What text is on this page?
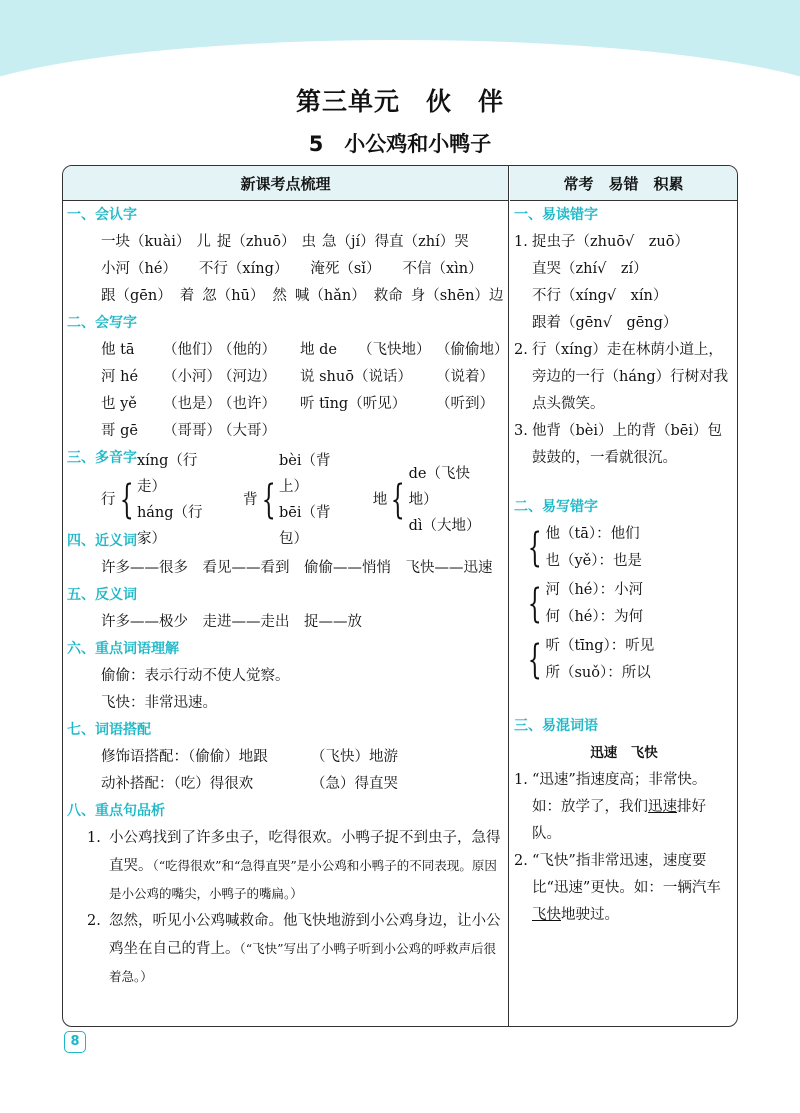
第三单元　伙　伴
5　小公鸡和小鸭子
新课考点梳理	常考　易错　积累
一、会认字
一块（kuài） 儿 捉（zhuō） 虫 急（jí）得直（zhí）哭
小河（hé） 不行（xíng） 淹死（sǐ） 不信（xìn）
跟（gēn） 着 忽（hū） 然 喊（hǎn） 救命 身（shēn）边
二、会写字
他 tā （他们）（他的） 地 de （飞快地） （偷偷地）
河 hé （小河）（河边） 说 shuō（说话） （说着）
也 yě （也是）（也许） 听 tīng（听见） （听到）
哥 gē （哥哥）（大哥）
三、多音字
行 {
xíng（行走）
háng（行家）
背 {
bèi（背上）
bēi（背包）
地 {
de（飞快地）
dì（大地）
四、近义词
许多——很多　看见——看到　偷偷——悄悄　飞快——迅速
五、反义词
许多——极少　走进——走出　捉——放
六、重点词语理解
偷偷：表示行动不使人觉察。
飞快：非常迅速。
七、词语搭配
修饰语搭配：（偷偷）地跟	（飞快）地游
动补搭配：（吃）得很欢	（急）得直哭
八、重点句品析
1. 小公鸡找到了许多虫子，吃得很欢。小鸭子捉不到虫子，急得直哭。（“吃得很欢”和“急得直哭”是小公鸡和小鸭子的不同表现。原因是小公鸡的嘴尖，小鸭子的嘴扁。）
2. 忽然，听见小公鸡喊救命。他飞快地游到小公鸡身边，让小公鸡坐在自己的背上。（“飞快”写出了小鸭子听到小公鸡的呼救声后很着急。）
一、易读错字
1. 捉虫子（zhuō√　zuō）
直哭（zhí√　zí）
不行（xíng√　xín）
跟着（gēn√　gēng）
2. 行（xíng）走在林荫小道上，旁边的一行（háng）行树对我点头微笑。
3. 他背（bèi）上的背（bēi）包鼓鼓的，一看就很沉。
二、易写错字
{ 他（tā）：他们
也（yě）：也是
{ 河（hé）：小河
何（hé）：为何
{ 听（tīng）：听见
所（suǒ）：所以
三、易混词语
迅速　飞快
1. “迅速”指速度高；非常快。如：放学了，我们迅速排好队。
2. “飞快”指非常迅速，速度要比“迅速”更快。如：一辆汽车飞快地驶过。
8
